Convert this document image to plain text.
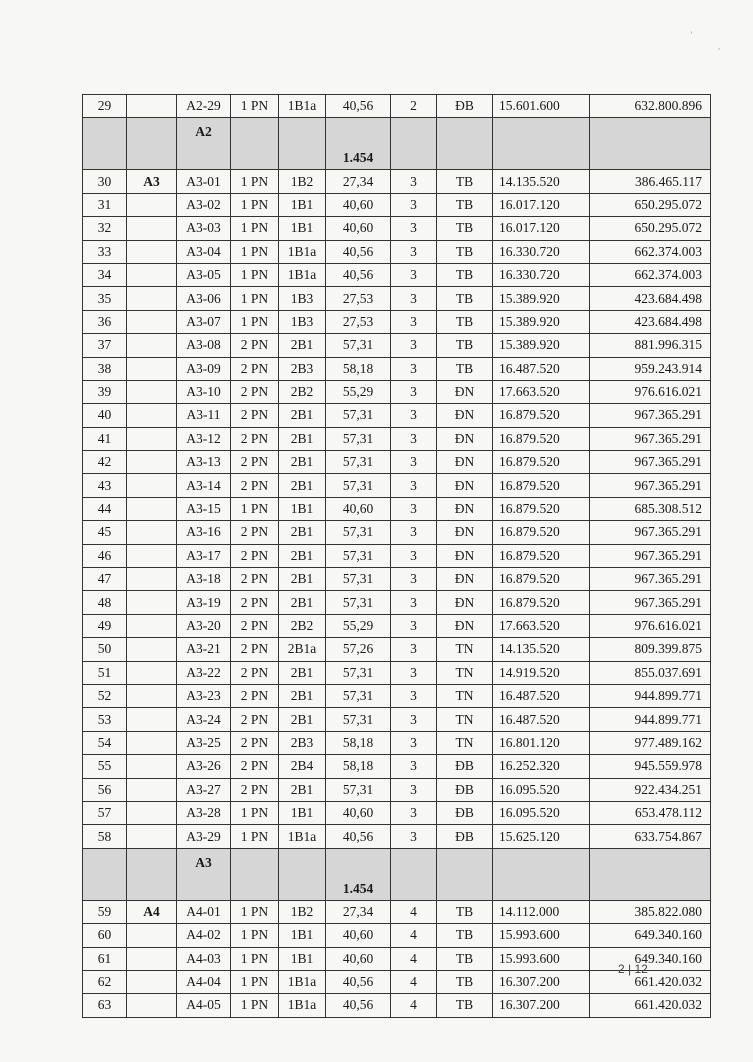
29		A2-29	1 PN	1B1a	40,56	2	ĐB	15.601.600	632.800.896
		A2			1.454				
30	A3	A3-01	1 PN	1B2	27,34	3	TB	14.135.520	386.465.117
31		A3-02	1 PN	1B1	40,60	3	TB	16.017.120	650.295.072
32		A3-03	1 PN	1B1	40,60	3	TB	16.017.120	650.295.072
33		A3-04	1 PN	1B1a	40,56	3	TB	16.330.720	662.374.003
34		A3-05	1 PN	1B1a	40,56	3	TB	16.330.720	662.374.003
35		A3-06	1 PN	1B3	27,53	3	TB	15.389.920	423.684.498
36		A3-07	1 PN	1B3	27,53	3	TB	15.389.920	423.684.498
37		A3-08	2 PN	2B1	57,31	3	TB	15.389.920	881.996.315
38		A3-09	2 PN	2B3	58,18	3	TB	16.487.520	959.243.914
39		A3-10	2 PN	2B2	55,29	3	ĐN	17.663.520	976.616.021
40		A3-11	2 PN	2B1	57,31	3	ĐN	16.879.520	967.365.291
41		A3-12	2 PN	2B1	57,31	3	ĐN	16.879.520	967.365.291
42		A3-13	2 PN	2B1	57,31	3	ĐN	16.879.520	967.365.291
43		A3-14	2 PN	2B1	57,31	3	ĐN	16.879.520	967.365.291
44		A3-15	1 PN	1B1	40,60	3	ĐN	16.879.520	685.308.512
45		A3-16	2 PN	2B1	57,31	3	ĐN	16.879.520	967.365.291
46		A3-17	2 PN	2B1	57,31	3	ĐN	16.879.520	967.365.291
47		A3-18	2 PN	2B1	57,31	3	ĐN	16.879.520	967.365.291
48		A3-19	2 PN	2B1	57,31	3	ĐN	16.879.520	967.365.291
49		A3-20	2 PN	2B2	55,29	3	ĐN	17.663.520	976.616.021
50		A3-21	2 PN	2B1a	57,26	3	TN	14.135.520	809.399.875
51		A3-22	2 PN	2B1	57,31	3	TN	14.919.520	855.037.691
52		A3-23	2 PN	2B1	57,31	3	TN	16.487.520	944.899.771
53		A3-24	2 PN	2B1	57,31	3	TN	16.487.520	944.899.771
54		A3-25	2 PN	2B3	58,18	3	TN	16.801.120	977.489.162
55		A3-26	2 PN	2B4	58,18	3	ĐB	16.252.320	945.559.978
56		A3-27	2 PN	2B1	57,31	3	ĐB	16.095.520	922.434.251
57		A3-28	1 PN	1B1	40,60	3	ĐB	16.095.520	653.478.112
58		A3-29	1 PN	1B1a	40,56	3	ĐB	15.625.120	633.754.867
		A3			1.454				
59	A4	A4-01	1 PN	1B2	27,34	4	TB	14.112.000	385.822.080
60		A4-02	1 PN	1B1	40,60	4	TB	15.993.600	649.340.160
61		A4-03	1 PN	1B1	40,60	4	TB	15.993.600	649.340.160
62		A4-04	1 PN	1B1a	40,56	4	TB	16.307.200	661.420.032
63		A4-05	1 PN	1B1a	40,56	4	TB	16.307.200	661.420.032
2 | 12
’
,
